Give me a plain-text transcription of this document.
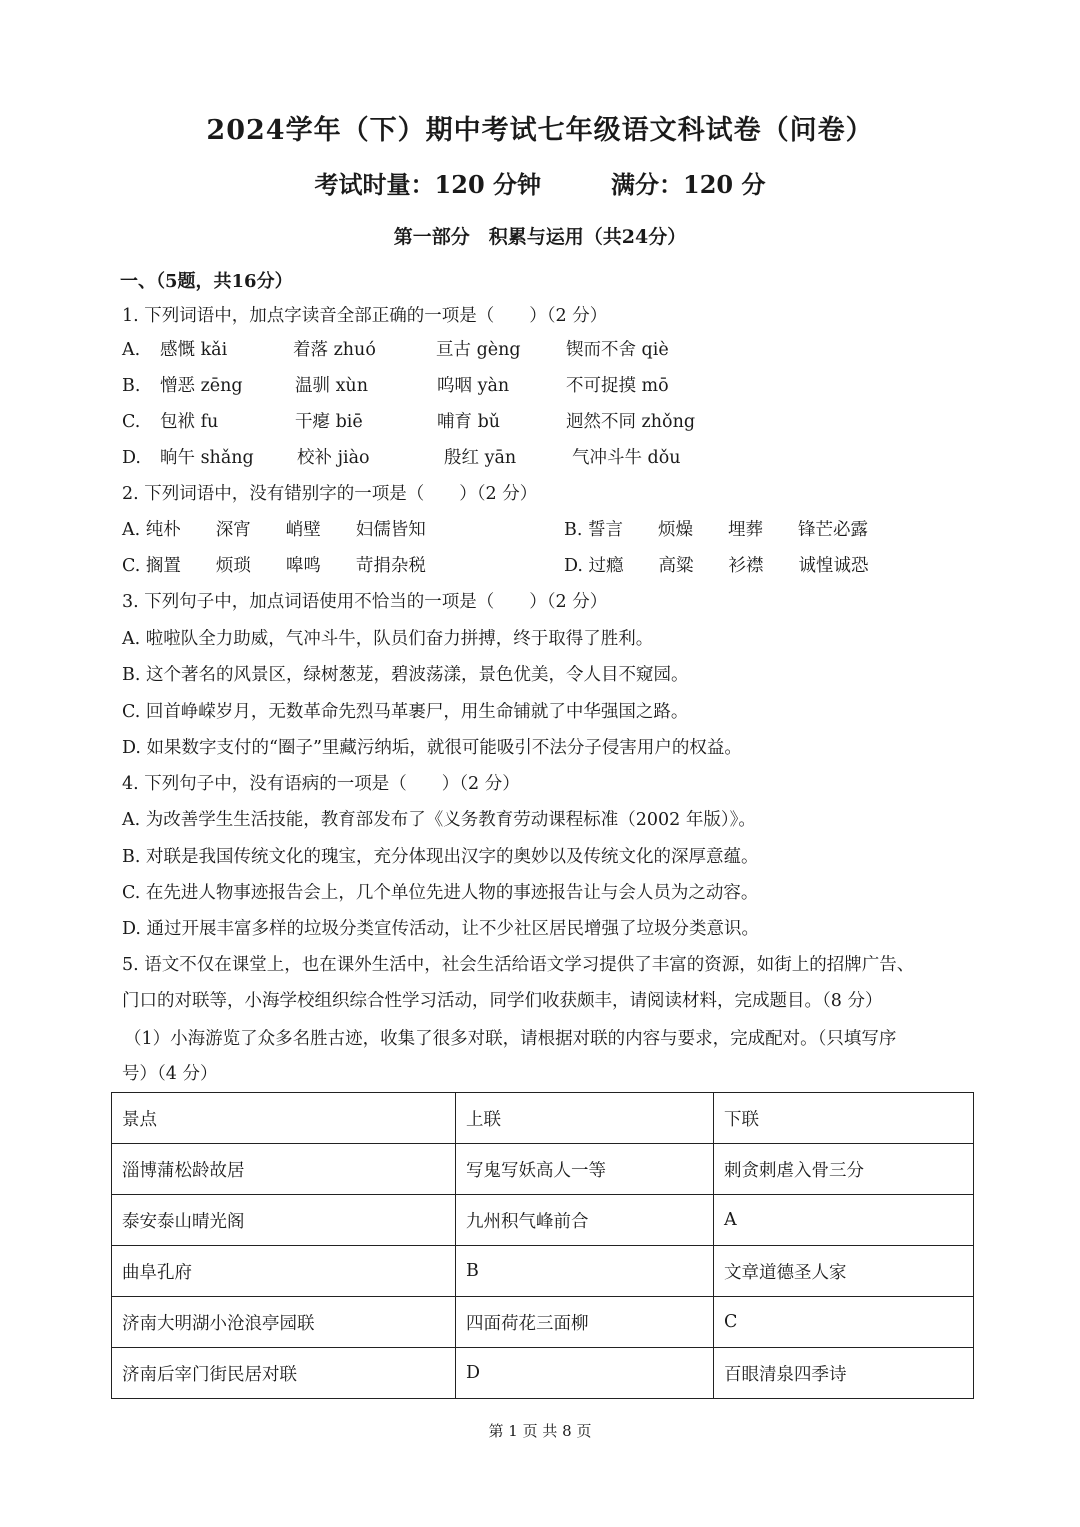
2024学年（下）期中考试七年级语文科试卷（问卷）
考试时量：120 分钟	满分：120 分
第一部分　积累与运用（共24分）
一、（5题，共16分）
1. 下列词语中，加点字读音全部正确的一项是（　　）（2 分）
A. 感慨 kǎi	着落 zhuó	亘古 gèng	锲而不舍 qiè
B. 憎恶 zēng	温驯 xùn	呜咽 yàn	不可捉摸 mō
C. 包袱 fu	干瘪 biē	哺育 bǔ	迥然不同 zhǒng
D. 晌午 shǎng 校补 jiào	殷红 yān	气冲斗牛 dǒu
2. 下列词语中，没有错别字的一项是（　　）（2 分）
A. 纯朴　　深宵　　峭壁　　妇儒皆知	B. 誓言　　烦燥　　埋葬　　锋芒必露
C. 搁置　　烦琐　　嗥鸣　　苛捐杂税	D. 过瘾　　高粱　　衫襟　　诚惶诚恐
3. 下列句子中，加点词语使用不恰当的一项是（　　）（2 分）
A. 啦啦队全力助威，气冲斗牛，队员们奋力拼搏，终于取得了胜利。
B. 这个著名的风景区，绿树葱茏，碧波荡漾，景色优美，令人目不窥园。
C. 回首峥嵘岁月，无数革命先烈马革裹尸，用生命铺就了中华强国之路。
D. 如果数字支付的“圈子”里藏污纳垢，就很可能吸引不法分子侵害用户的权益。
4. 下列句子中，没有语病的一项是（　　）（2 分）
A. 为改善学生生活技能，教育部发布了《义务教育劳动课程标准（2002 年版）》。
B. 对联是我国传统文化的瑰宝，充分体现出汉字的奥妙以及传统文化的深厚意蕴。
C. 在先进人物事迹报告会上，几个单位先进人物的事迹报告让与会人员为之动容。
D. 通过开展丰富多样的垃圾分类宣传活动，让不少社区居民增强了垃圾分类意识。
5. 语文不仅在课堂上，也在课外生活中，社会生活给语文学习提供了丰富的资源，如街上的招牌广告、
门口的对联等，小海学校组织综合性学习活动，同学们收获颇丰，请阅读材料，完成题目。（8 分）
（1）小海游览了众多名胜古迹，收集了很多对联，请根据对联的内容与要求，完成配对。（只填写序
号）（4 分）
景点	上联	下联
淄博蒲松龄故居	写鬼写妖高人一等	刺贪刺虐入骨三分
泰安泰山晴光阁	九州积气峰前合	A
曲阜孔府	B	文章道德圣人家
济南大明湖小沧浪亭园联	四面荷花三面柳	C
济南后宰门街民居对联	D	百眼清泉四季诗
第 1 页 共 8 页
